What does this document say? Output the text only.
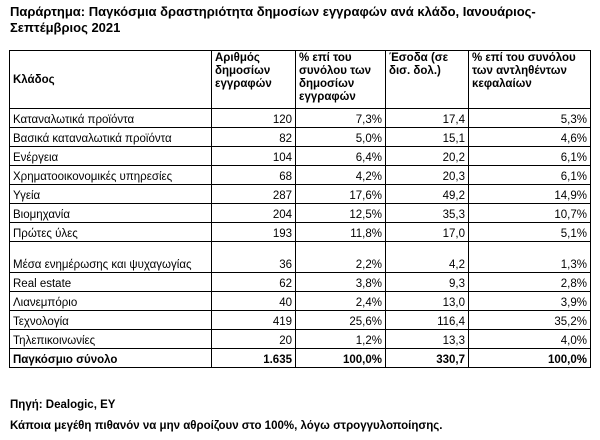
Παράρτημα: Παγκόσμια δραστηριότητα δημοσίων εγγραφών ανά κλάδο, Ιανουάριος-Σεπτέμβριος 2021
Κλάδος	Αριθμός δημοσίων εγγραφών	% επί του συνόλου των δημοσίων εγγραφών	Έσοδα (σε δισ. δολ.)	% επί του συνόλου των αντληθέντων κεφαλαίων
Καταναλωτικά προϊόντα	120	7,3%	17,4	5,3%
Βασικά καταναλωτικά προϊόντα	82	5,0%	15,1	4,6%
Ενέργεια	104	6,4%	20,2	6,1%
Χρηματοοικονομικές υπηρεσίες	68	4,2%	20,3	6,1%
Υγεία	287	17,6%	49,2	14,9%
Βιομηχανία	204	12,5%	35,3	10,7%
Πρώτες ύλες	193	11,8%	17,0	5,1%
Μέσα ενημέρωσης και ψυχαγωγίας	36	2,2%	4,2	1,3%
Real estate	62	3,8%	9,3	2,8%
Λιανεμπόριο	40	2,4%	13,0	3,9%
Τεχνολογία	419	25,6%	116,4	35,2%
Τηλεπικοινωνίες	20	1,2%	13,3	4,0%
Παγκόσμιο σύνολο	1.635	100,0%	330,7	100,0%
Πηγή: Dealogic, EY
Κάποια μεγέθη πιθανόν να μην αθροίζουν στο 100%, λόγω στρογγυλοποίησης.
